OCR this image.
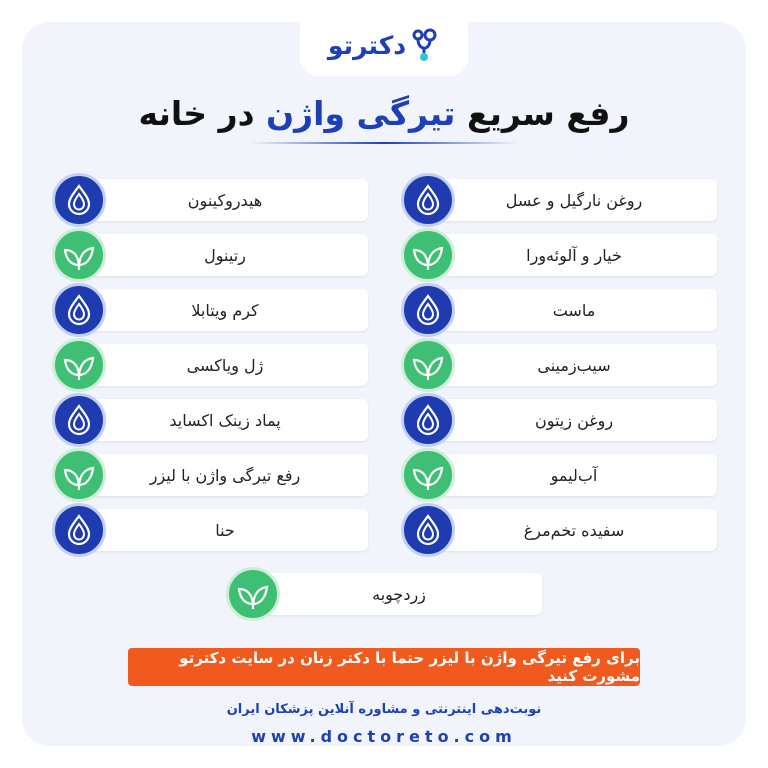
دکترتو
رفع سریع تیرگی واژن در خانه
روغن نارگیل و عسل
خیار و آلوئه‌ورا
ماست
سیب‌زمینی
روغن زیتون
آب‌لیمو
سفیده تخم‌مرغ
هیدروکینون
رتینول
کرم ویتابلا
ژل ویاکسی
پماد زینک اکساید
رفع تیرگی واژن با لیزر
حنا
زردچوبه
برای رفع تیرگی واژن با لیزر حتما با دکتر زنان در سایت دکترتو مشورت کنید
نوبت‌دهی اینترنتی و مشاوره آنلاین پزشکان ایران
www.doctoreto.com
